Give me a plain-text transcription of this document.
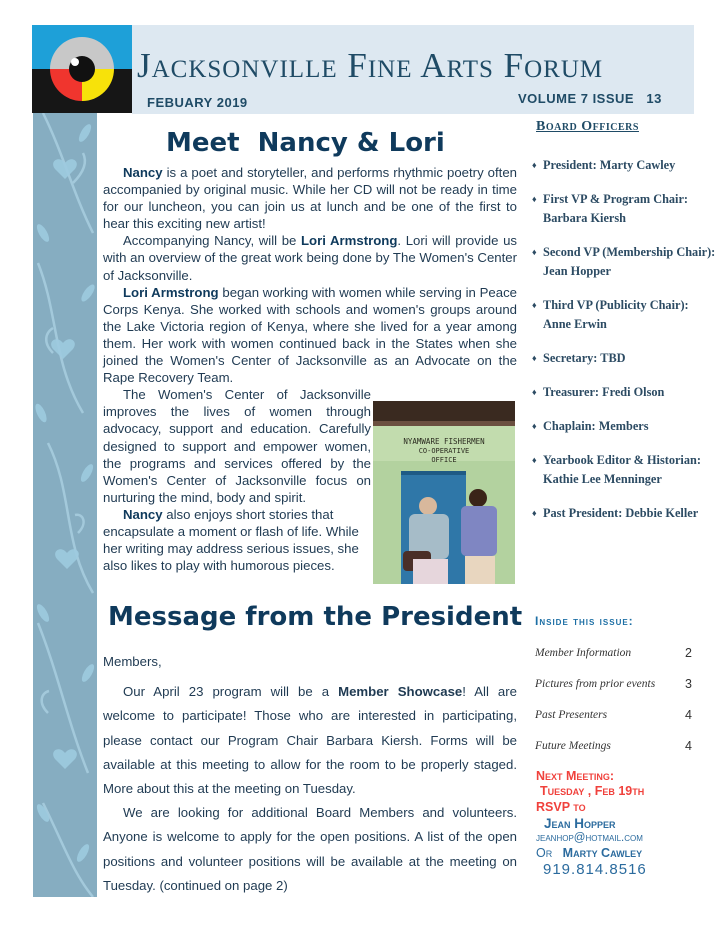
Jacksonville Fine Arts Forum
FEBUARY 2019	VOLUME 7 ISSUE   13
Meet  Nancy & Lori

Nancy is a poet and storyteller, and performs rhythmic poetry often accompanied by original music. While her CD will not be ready in time for our luncheon, you can join us at lunch and be one of the first to hear this exciting new artist!

Accompanying Nancy, will be Lori Armstrong. Lori will provide us with an overview of the great work being done by The Women's Center of Jacksonville.

Lori Armstrong began working with women while serving in Peace Corps Kenya. She worked with schools and women's groups around the Lake Victoria region of Kenya, where she lived for a year among them. Her work with women continued back in the States when she joined the Women's Center of Jacksonville as an Advocate on the Rape Recovery Team.

The Women's Center of Jacksonville improves the lives of women through advocacy, support and education. Carefully designed to support and empower women, the programs and services offered by the Women's Center of Jacksonville focus on nurturing the mind, body and spirit.

Nancy also enjoys short stories that encapsulate a moment or flash of life. While her writing may address serious issues, she also likes to play with humorous pieces.

NYAMWARE FISHERMEN
CO-OPERATIVE
OFFICE
Message from the President

Members,

Our April 23 program will be a Member Showcase! All are welcome to participate! Those who are interested in participating, please contact our Program Chair Barbara Kiersh. Forms will be available at this meeting to allow for the room to be properly staged. More about this at the meeting on Tuesday.

We are looking for additional Board Members and volunteers. Anyone is welcome to apply for the open positions. A list of the open positions and volunteer positions will be available at the meeting on Tuesday. (continued on page 2)

Board Officers
♦ President: Marty Cawley
♦ First VP & Program Chair: Barbara Kiersh
♦ Second VP (Membership Chair): Jean Hopper
♦ Third VP (Publicity Chair): Anne Erwin
♦ Secretary: TBD
♦ Treasurer: Fredi Olson
♦ Chaplain: Members
♦ Yearbook Editor & Historian: Kathie Lee Menninger
♦ Past President: Debbie Keller
Inside this issue:
Member Information	2
Pictures from prior events 3
Past Presenters	4
Future Meetings	4
Next Meeting:
Tuesday , Feb 19th
RSVP to
Jean Hopper
jeanhop@hotmail.com
Or Marty Cawley
919.814.8516
